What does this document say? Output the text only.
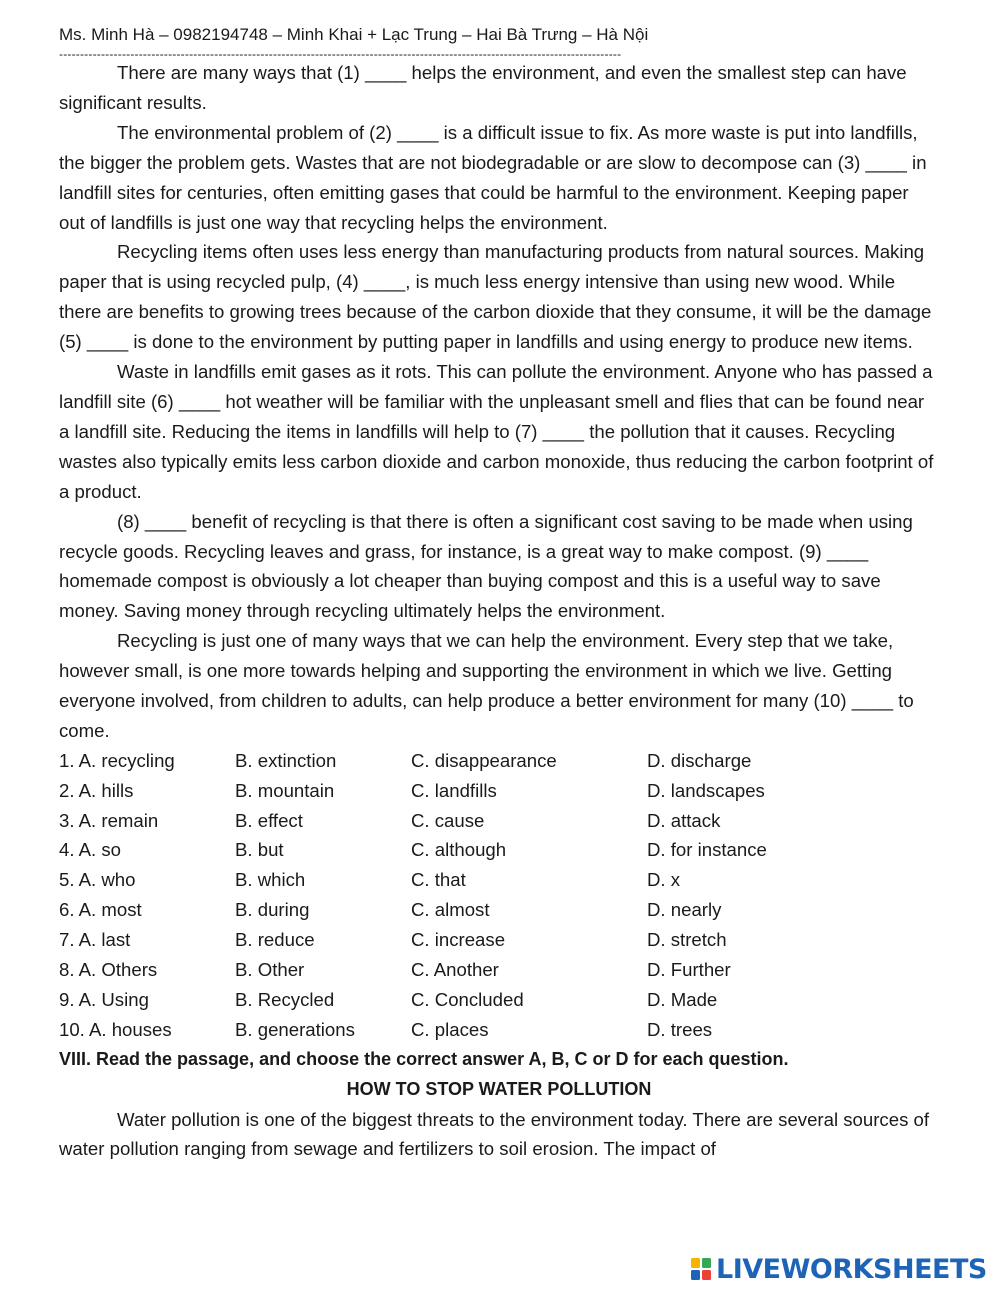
Ms. Minh Hà – 0982194748 – Minh Khai + Lạc Trung – Hai Bà Trưng – Hà Nội
--------------------------------------------------------------------------------------------------------------------------------------

There are many ways that (1) ____ helps the environment, and even the smallest step can have significant results.

The environmental problem of (2) ____ is a difficult issue to fix. As more waste is put into landfills, the bigger the problem gets. Wastes that are not biodegradable or are slow to decompose can (3) ____ in landfill sites for centuries, often emitting gases that could be harmful to the environment. Keeping paper out of landfills is just one way that recycling helps the environment.

Recycling items often uses less energy than manufacturing products from natural sources. Making paper that is using recycled pulp, (4) ____, is much less energy intensive than using new wood. While there are benefits to growing trees because of the carbon dioxide that they consume, it will be the damage (5) ____ is done to the environment by putting paper in landfills and using energy to produce new items.

Waste in landfills emit gases as it rots. This can pollute the environment. Anyone who has passed a landfill site (6) ____ hot weather will be familiar with the unpleasant smell and flies that can be found near a landfill site. Reducing the items in landfills will help to (7) ____ the pollution that it causes. Recycling wastes also typically emits less carbon dioxide and carbon monoxide, thus reducing the carbon footprint of a product.

(8) ____ benefit of recycling is that there is often a significant cost saving to be made when using recycle goods. Recycling leaves and grass, for instance, is a great way to make compost. (9) ____ homemade compost is obviously a lot cheaper than buying compost and this is a useful way to save money. Saving money through recycling ultimately helps the environment.

Recycling is just one of many ways that we can help the environment. Every step that we take, however small, is one more towards helping and supporting the environment in which we live. Getting everyone involved, from children to adults, can help produce a better environment for many (10) ____ to come.

1. A. recycling	B. extinction	C. disappearance	D. discharge
2. A. hills	B. mountain	C. landfills	D. landscapes
3. A. remain	B. effect	C. cause	D. attack
4. A. so	B. but	C. although	D. for instance
5. A. who	B. which	C. that	D. x
6. A. most	B. during	C. almost	D. nearly
7. A. last	B. reduce	C. increase	D. stretch
8. A. Others	B. Other	C. Another	D. Further
9. A. Using	B. Recycled	C. Concluded	D. Made
10. A. houses	B. generations	C. places	D. trees
VIII. Read the passage, and choose the correct answer A, B, C or D for each question.
HOW TO STOP WATER POLLUTION

Water pollution is one of the biggest threats to the environment today. There are several sources of water pollution ranging from sewage and fertilizers to soil erosion. The impact of

LIVEWORKSHEETS
